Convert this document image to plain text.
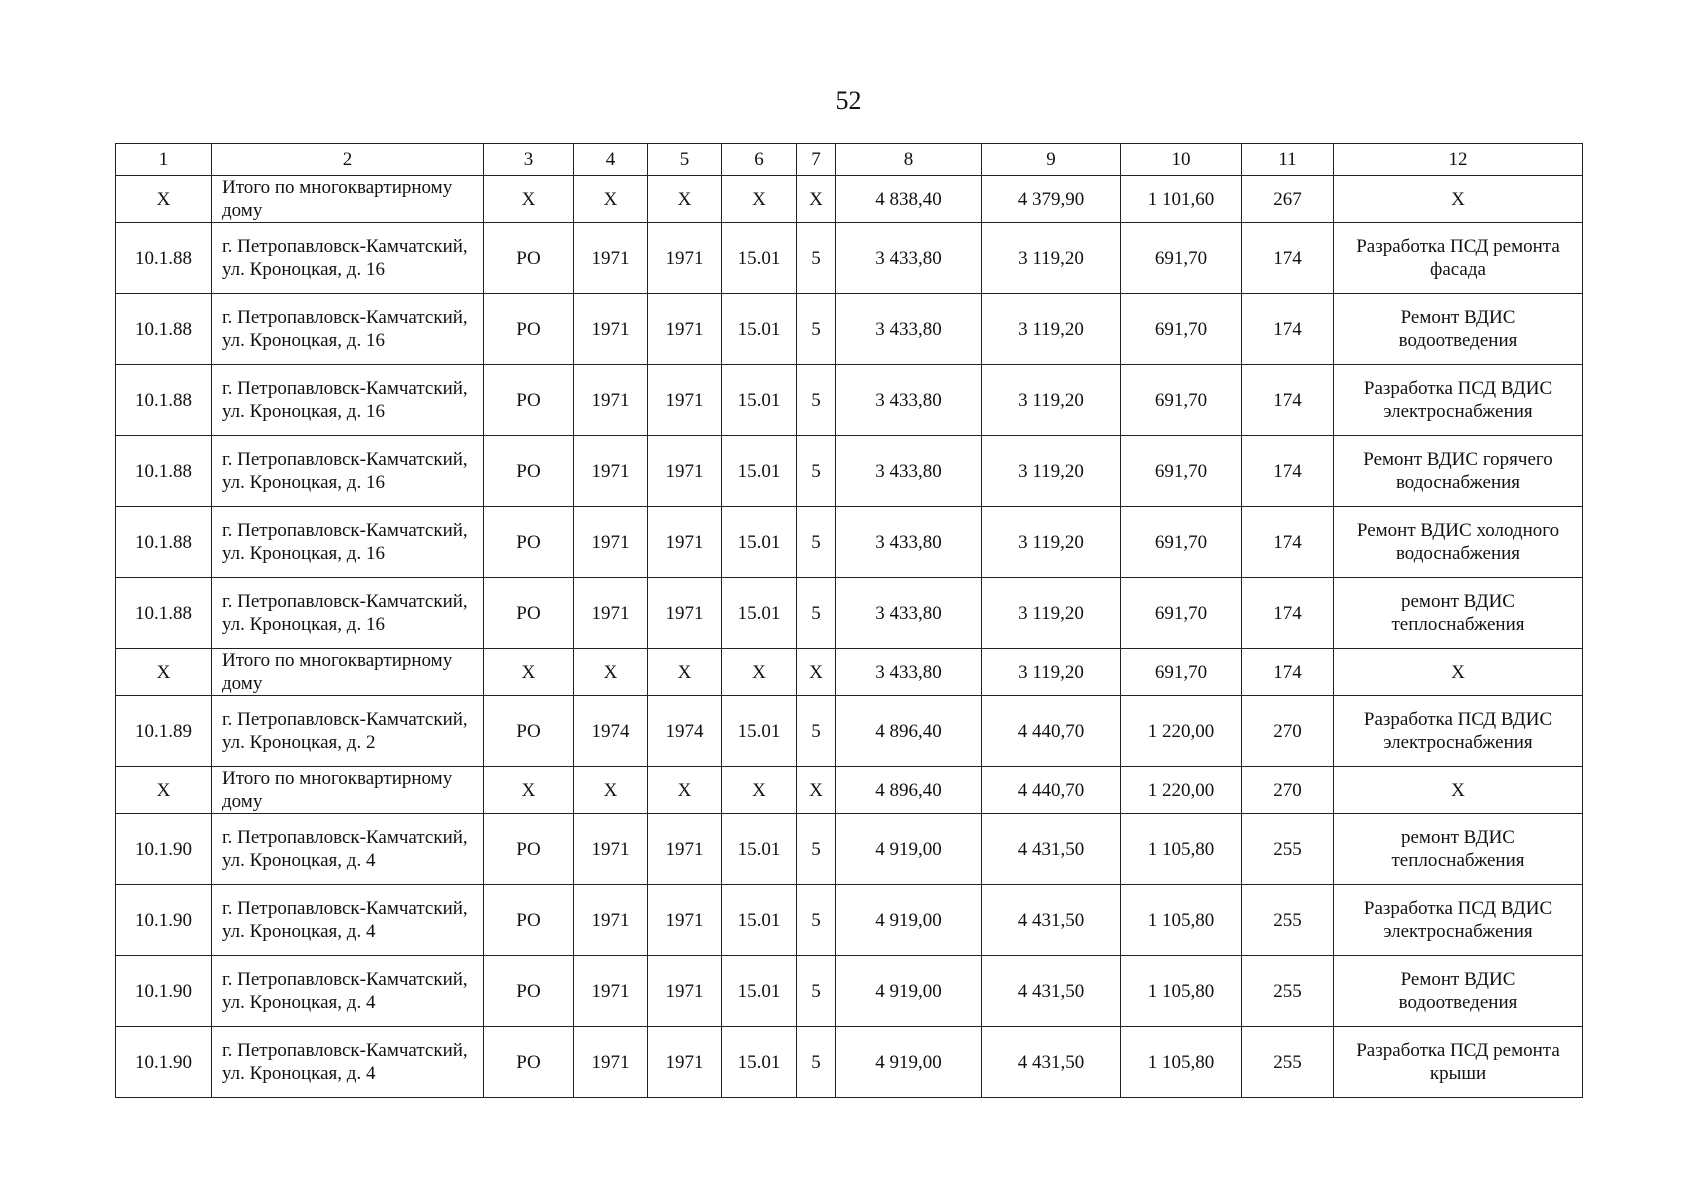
52
1	2	3	4	5	6	7	8	9	10	11	12
X	Итого по многоквартирному дому	X	X	X	X	X	4 838,40	4 379,90	1 101,60	267	X
10.1.88	г. Петропавловск-Камчатский, ул. Кроноцкая, д. 16	РО	1971	1971	15.01	5	3 433,80	3 119,20	691,70	174	Разработка ПСД ремонта фасада
10.1.88	г. Петропавловск-Камчатский, ул. Кроноцкая, д. 16	РО	1971	1971	15.01	5	3 433,80	3 119,20	691,70	174	Ремонт ВДИС водоотведения
10.1.88	г. Петропавловск-Камчатский, ул. Кроноцкая, д. 16	РО	1971	1971	15.01	5	3 433,80	3 119,20	691,70	174	Разработка ПСД ВДИС электроснабжения
10.1.88	г. Петропавловск-Камчатский, ул. Кроноцкая, д. 16	РО	1971	1971	15.01	5	3 433,80	3 119,20	691,70	174	Ремонт ВДИС горячего водоснабжения
10.1.88	г. Петропавловск-Камчатский, ул. Кроноцкая, д. 16	РО	1971	1971	15.01	5	3 433,80	3 119,20	691,70	174	Ремонт ВДИС холодного водоснабжения
10.1.88	г. Петропавловск-Камчатский, ул. Кроноцкая, д. 16	РО	1971	1971	15.01	5	3 433,80	3 119,20	691,70	174	ремонт ВДИС теплоснабжения
X	Итого по многоквартирному дому	X	X	X	X	X	3 433,80	3 119,20	691,70	174	X
10.1.89	г. Петропавловск-Камчатский, ул. Кроноцкая, д. 2	РО	1974	1974	15.01	5	4 896,40	4 440,70	1 220,00	270	Разработка ПСД ВДИС электроснабжения
X	Итого по многоквартирному дому	X	X	X	X	X	4 896,40	4 440,70	1 220,00	270	X
10.1.90	г. Петропавловск-Камчатский, ул. Кроноцкая, д. 4	РО	1971	1971	15.01	5	4 919,00	4 431,50	1 105,80	255	ремонт ВДИС теплоснабжения
10.1.90	г. Петропавловск-Камчатский, ул. Кроноцкая, д. 4	РО	1971	1971	15.01	5	4 919,00	4 431,50	1 105,80	255	Разработка ПСД ВДИС электроснабжения
10.1.90	г. Петропавловск-Камчатский, ул. Кроноцкая, д. 4	РО	1971	1971	15.01	5	4 919,00	4 431,50	1 105,80	255	Ремонт ВДИС водоотведения
10.1.90	г. Петропавловск-Камчатский, ул. Кроноцкая, д. 4	РО	1971	1971	15.01	5	4 919,00	4 431,50	1 105,80	255	Разработка ПСД ремонта крыши
